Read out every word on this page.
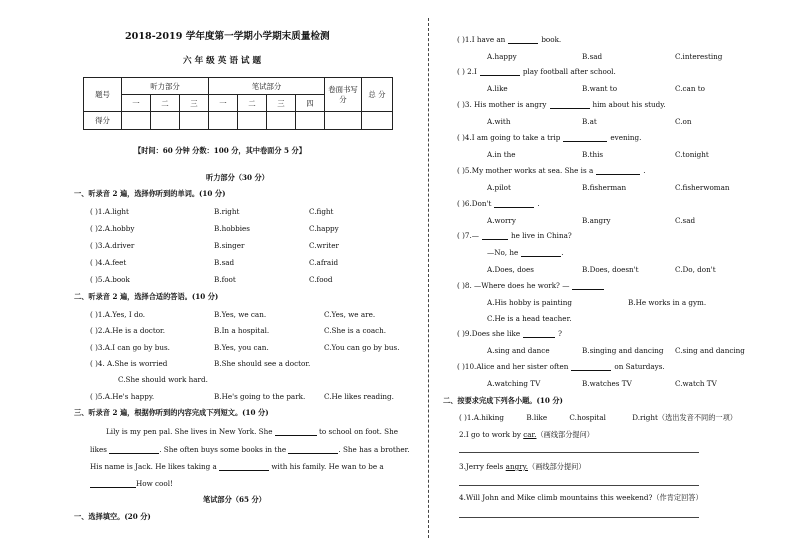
2018-2019 学年度第一学期小学期末质量检测
六 年 级 英 语 试 题
题号	听力部分			笔试部分				卷面书写分	总 分
	一	二	三	一	二	三	四		
得分									
【时间：60 分钟 分数：100 分，其中卷面分 5 分】
听力部分（30 分）
一、听录音 2 遍，选择你听到的单词。(10 分)
( )1.A.light	B.right	C.fight
( )2.A.hobby	B.hobbies	C.happy
( )3.A.driver	B.singer	C.writer
( )4.A.feet	B.sad	C.afraid
( )5.A.book	B.foot	C.food
二、听录音 2 遍，选择合适的答语。(10 分)
( )1.A.Yes, I do.	B.Yes, we can.	C.Yes, we are.
( )2.A.He is a doctor.	B.In a hospital.	C.She is a coach.
( )3.A.I can go by bus.	B.Yes, you can.	C.You can go by bus.
( )4. A.She is worried	B.She should see a doctor.
C.She should work hard.
( )5.A.He's happy.	B.He's going to the park.	C.He likes reading.
三、听录音 2 遍，根据你听到的内容完成下列短文。(10 分)
Lily is my pen pal. She lives in New York. She	to school on foot. She
likes	. She often buys some books in the	. She has a brother.
His name is Jack. He likes taking a	with his family. He wan to be a
How cool!
笔试部分（65 分）
一、选择填空。(20 分)
( )1.I have an	book.
A.happy	B.sad	C.interesting
( ) 2.I	play football after school.
A.like	B.want to	C.can to
( )3. His mother is angry	him about his study.
A.with	B.at	C.on
( )4.I am going to take a trip	evening.
A.in the	B.this	C.tonight
( )5.My mother works at sea. She is a	.
A.pilot	B.fisherman	C.fisherwoman
( )6.Don't	.
A.worry	B.angry	C.sad
( )7.—	he live in China?
—No, he	.
A.Does, does	B.Does, doesn't	C.Do, don't
( )8. —Where does he work? —
A.His hobby is painting	B.He works in a gym.
C.He is a head teacher.
( )9.Does she like	?
A.sing and dance	B.singing and dancing C.sing and dancing
( )10.Alice and her sister often	on Saturdays.
A.watching TV	B.watches TV	C.watch TV
二、按要求完成下列各小题。(10 分)
( )1.A.hiking	B.like	C.hospital	D.right（选出发音不同的一项）
2.I go to work by car.（画线部分提问）
3.Jerry feels angry.（画线部分提问）
4.Will John and Mike climb mountains this weekend?（作肯定回答）
